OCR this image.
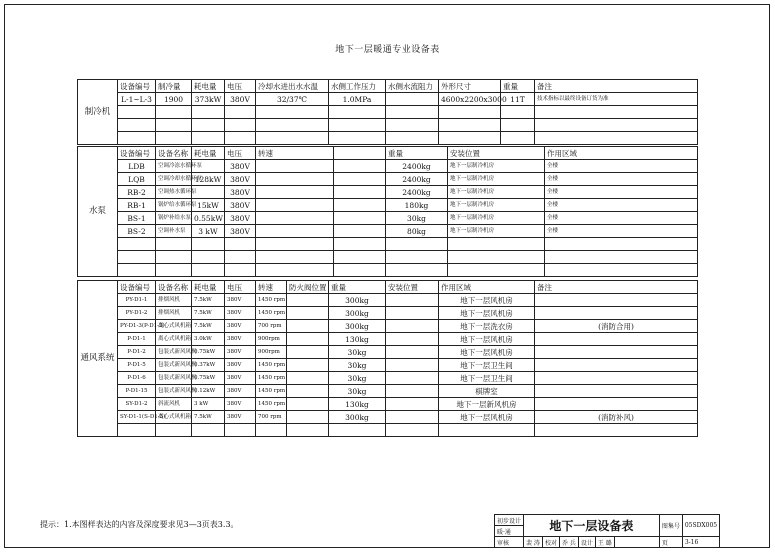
地下一层暖通专业设备表
制冷机	设备编号	制冷量	耗电量	电压	冷却水进出水水温	水侧工作压力	水侧水流阻力	外形尺寸	重量	备注
	L-1~L-3	1900	373kW	380V	32/37℃	1.0MPa		4600x2200x3000	11T	技术指标以最终设备订货为准

水泵	设备编号	设备名称	耗电量	电压	转速		重量	安装位置	作用区域	
	LDB	空调冷冻水循环泵		380V			2400kg	地下一层制冷机房	全楼	
	LQB	空调冷却水循环泵	128kW	380V			2400kg	地下一层制冷机房	全楼	
	RB-2	空调热水循环泵		380V			2400kg	地下一层制冷机房	全楼	
	RB-1	锅炉给水循环泵	15kW	380V			180kg	地下一层制冷机房	全楼	
	BS-1	锅炉补给水泵	0.55kW	380V			30kg	地下一层制冷机房	全楼	
	BS-2	空调补水泵	3 kW	380V			80kg	地下一层制冷机房	全楼	

通风系统	设备编号	设备名称	耗电量	电压	转速	防火阀位置	重量	安装位置	作用区域	备注
	PY-D1-1	排烟风机	7.5kW	380V	1450 rpm		300kg		地下一层风机房	
	PY-D1-2	排烟风机	7.5kW	380V	1450 rpm		300kg		地下一层风机房	
	PY-D1-3(P-D1-3)	离心式风机箱	7.5kW	380V	700 rpm		300kg		地下一层洗衣房	(消防合用)
	P-D1-1	离心式风机箱	3.0kW	380V	900rpm		130kg		地下一层风机房	
	P-D1-2	包装式新风风机	0.75kW	380V	900rpm		30kg		地下一层风机房	
	P-D1-5	包装式新风风机	0.37kW	380V	1450 rpm		30kg		地下一层卫生间	
	P-D1-6	包装式新风风机	0.75kW	380V	1450 rpm		30kg		地下一层卫生间	
	P-D1-15	包装式新风风机	0.12kW	380V	1450 rpm		30kg		棋牌室	
	SY-D1-2	斜流风机	3 kW	380V	1450 rpm		130kg		地下一层新风机房	
	SY-D1-1(S-D1-3)	离心式风机箱	7.5kW	380V	700 rpm		300kg		地下一层风机房	(消防补风)

提示：1.本图样表达的内容及深度要求见3—3页表3.3。	初步设计	地下一层设备表						图集号	05SDX005
暖·通								
审核	裴 涛	校对	乔 兵	设计	王 璐		页	3-16
